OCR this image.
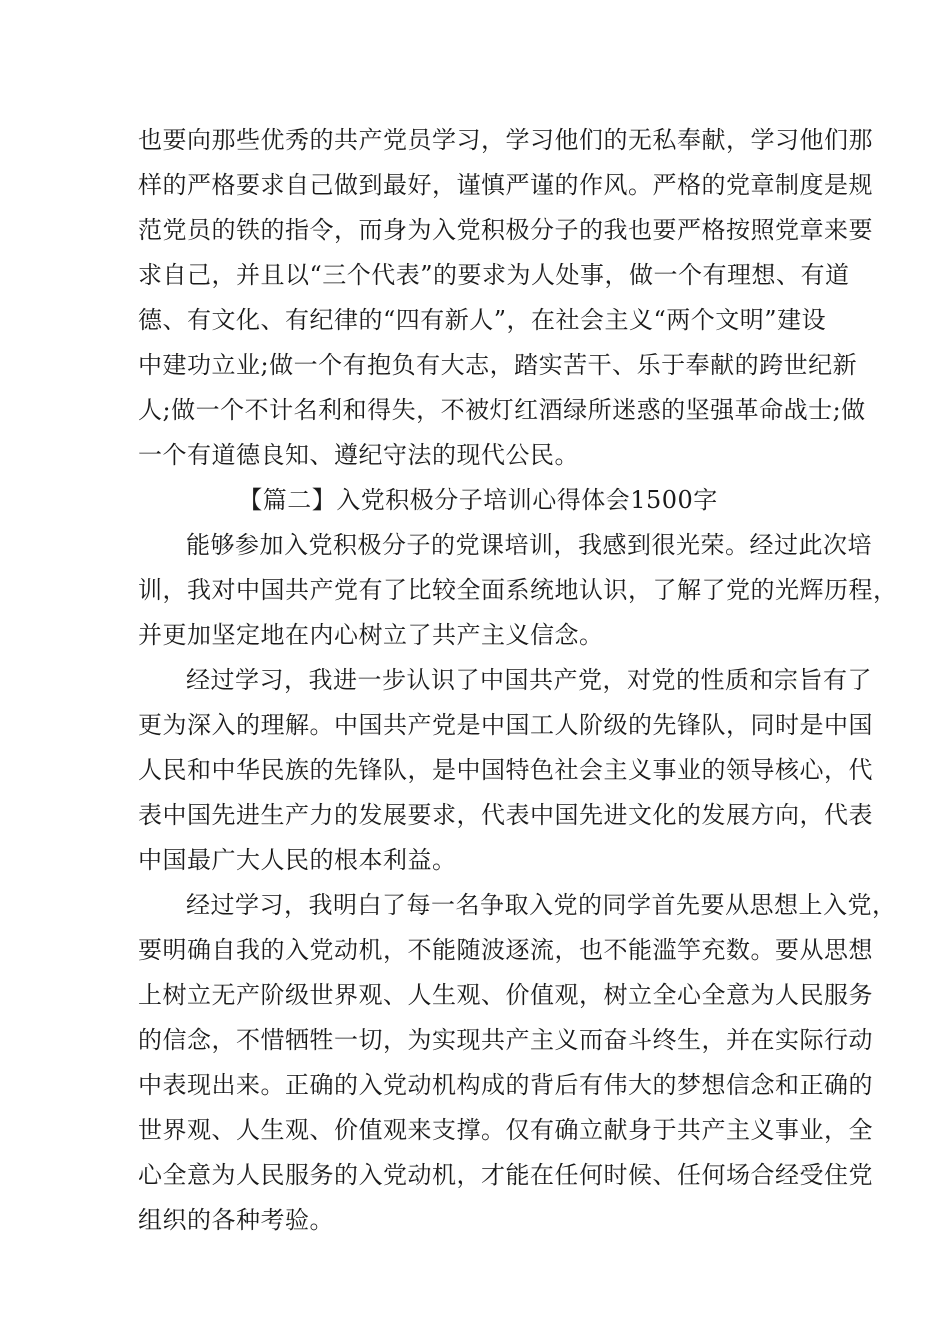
也要向那些优秀的共产党员学习，学习他们的无私奉献，学习他们那
样的严格要求自己做到最好，谨慎严谨的作风。严格的党章制度是规
范党员的铁的指令，而身为入党积极分子的我也要严格按照党章来要
求自己，并且以“三个代表”的要求为人处事，做一个有理想、有道
德、有文化、有纪律的“四有新人”，在社会主义“两个文明”建设
中建功立业;做一个有抱负有大志，踏实苦干、乐于奉献的跨世纪新
人;做一个不计名利和得失，不被灯红酒绿所迷惑的坚强革命战士;做
一个有道德良知、遵纪守法的现代公民。
【篇二】入党积极分子培训心得体会1500字
能够参加入党积极分子的党课培训，我感到很光荣。经过此次培
训，我对中国共产党有了比较全面系统地认识，了解了党的光辉历程，
并更加坚定地在内心树立了共产主义信念。
经过学习，我进一步认识了中国共产党，对党的性质和宗旨有了
更为深入的理解。中国共产党是中国工人阶级的先锋队，同时是中国
人民和中华民族的先锋队，是中国特色社会主义事业的领导核心，代
表中国先进生产力的发展要求，代表中国先进文化的发展方向，代表
中国最广大人民的根本利益。
经过学习，我明白了每一名争取入党的同学首先要从思想上入党，
要明确自我的入党动机，不能随波逐流，也不能滥竽充数。要从思想
上树立无产阶级世界观、人生观、价值观，树立全心全意为人民服务
的信念，不惜牺牲一切，为实现共产主义而奋斗终生，并在实际行动
中表现出来。正确的入党动机构成的背后有伟大的梦想信念和正确的
世界观、人生观、价值观来支撑。仅有确立献身于共产主义事业，全
心全意为人民服务的入党动机，才能在任何时候、任何场合经受住党
组织的各种考验。
